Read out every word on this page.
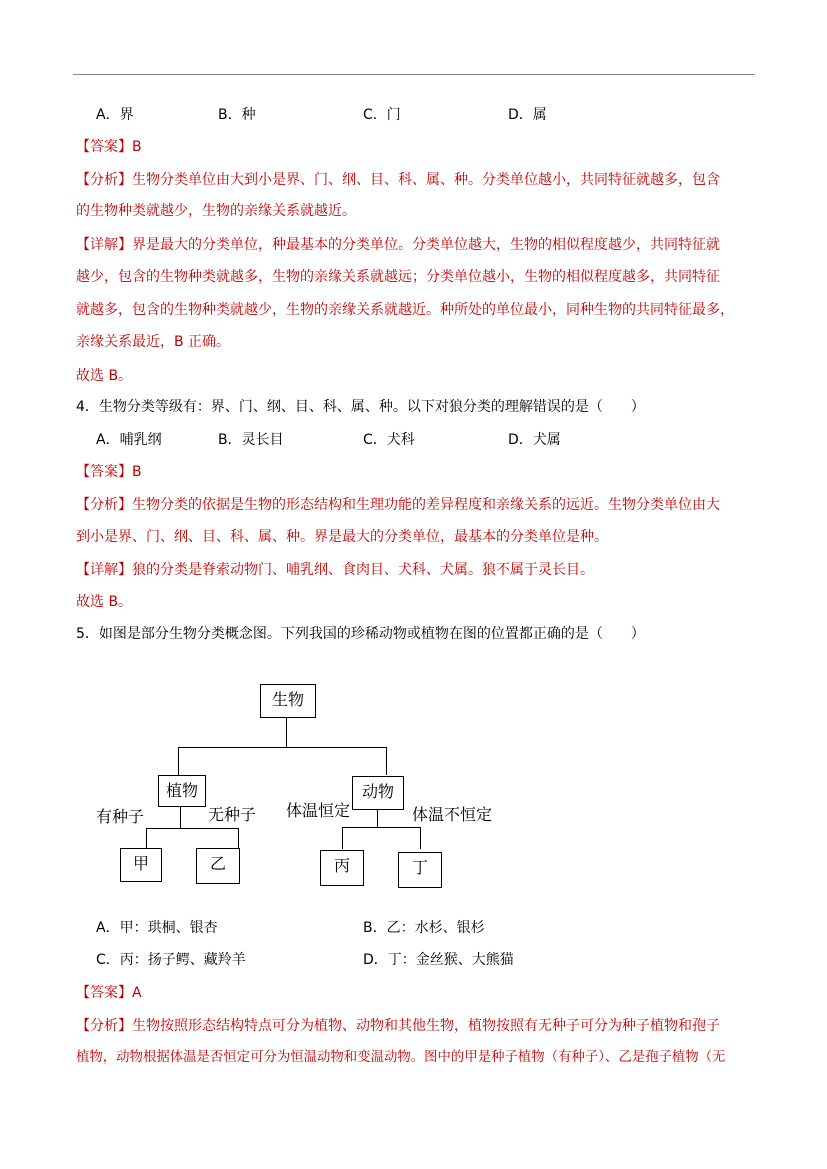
A．界	B．种	C．门	D．属
【答案】B
【分析】生物分类单位由大到小是界、门、纲、目、科、属、种。分类单位越小，共同特征就越多，包含
的生物种类就越少，生物的亲缘关系就越近。
【详解】界是最大的分类单位，种最基本的分类单位。分类单位越大，生物的相似程度越少，共同特征就
越少，包含的生物种类就越多，生物的亲缘关系就越远；分类单位越小，生物的相似程度越多，共同特征
就越多，包含的生物种类就越少，生物的亲缘关系就越近。种所处的单位最小，同种生物的共同特征最多，
亲缘关系最近，B 正确。
故选 B。
4．生物分类等级有：界、门、纲、目、科、属、种。以下对狼分类的理解错误的是（　　）
A．哺乳纲	B．灵长目	C．犬科	D．犬属
【答案】B
【分析】生物分类的依据是生物的形态结构和生理功能的差异程度和亲缘关系的远近。生物分类单位由大
到小是界、门、纲、目、科、属、种。界是最大的分类单位，最基本的分类单位是种。
【详解】狼的分类是脊索动物门、哺乳纲、食肉目、犬科、犬属。狼不属于灵长目。
故选 B。
5．如图是部分生物分类概念图。下列我国的珍稀动物或植物在图的位置都正确的是（　　）
生物
植物	动物
有种子	无种子 体温恒定	体温不恒定
甲	乙	丙	丁
A．甲：珙桐、银杏	B．乙：水杉、银杉
C．丙：扬子鳄、藏羚羊	D．丁：金丝猴、大熊猫
【答案】A
【分析】生物按照形态结构特点可分为植物、动物和其他生物，植物按照有无种子可分为种子植物和孢子
植物，动物根据体温是否恒定可分为恒温动物和变温动物。图中的甲是种子植物（有种子）、乙是孢子植物（无
